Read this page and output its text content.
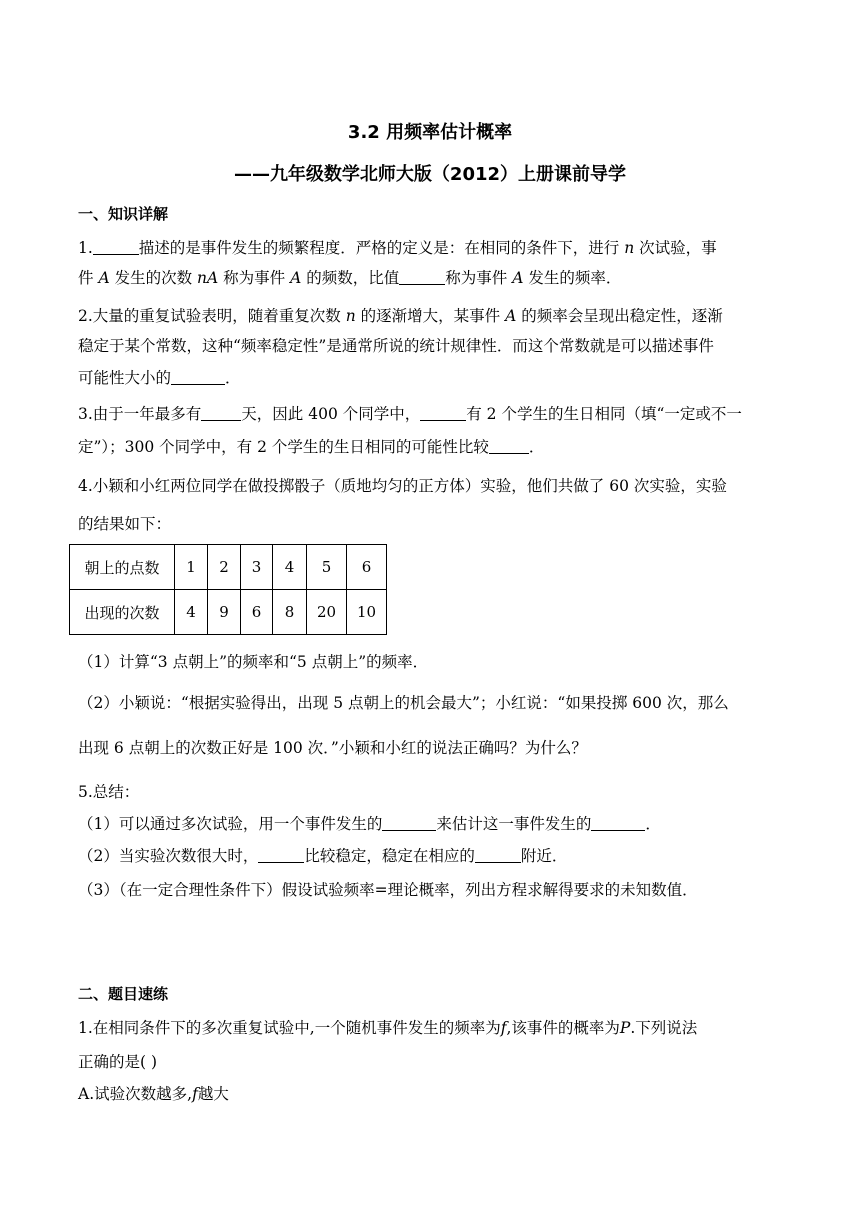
3.2 用频率估计概率
——九年级数学北师大版（2012）上册课前导学
一、知识详解
1.	描述的是事件发生的频繁程度．严格的定义是：在相同的条件下，进行 n 次试验，事
件 A 发生的次数 nA 称为事件 A 的频数，比值	称为事件 A 发生的频率．
2.大量的重复试验表明，随着重复次数 n 的逐渐增大，某事件 A 的频率会呈现出稳定性，逐渐
稳定于某个常数，这种“频率稳定性”是通常所说的统计规律性．而这个常数就是可以描述事件
可能性大小的	．
3.由于一年最多有	天，因此 400 个同学中，	有 2 个学生的生日相同（填“一定或不一
定”）；300 个同学中，有 2 个学生的生日相同的可能性比较	．
4.小颖和小红两位同学在做投掷骰子（质地均匀的正方体）实验，他们共做了 60 次实验，实验
的结果如下：
朝上的点数	1	2	3	4	5	6
出现的次数	4	9	6	8	20	10
（1）计算“3 点朝上”的频率和“5 点朝上”的频率．
（2）小颖说：“根据实验得出，出现 5 点朝上的机会最大”；小红说：“如果投掷 600 次，那么
出现 6 点朝上的次数正好是 100 次．”小颖和小红的说法正确吗？为什么？
5.总结：
（1）可以通过多次试验，用一个事件发生的	来估计这一事件发生的	．
（2）当实验次数很大时，	比较稳定，稳定在相应的	附近．
（3）（在一定合理性条件下）假设试验频率=理论概率，列出方程求解得要求的未知数值．
二、题目速练
1.在相同条件下的多次重复试验中,一个随机事件发生的频率为f,该事件的概率为P.下列说法
正确的是( )
A.试验次数越多,f越大
